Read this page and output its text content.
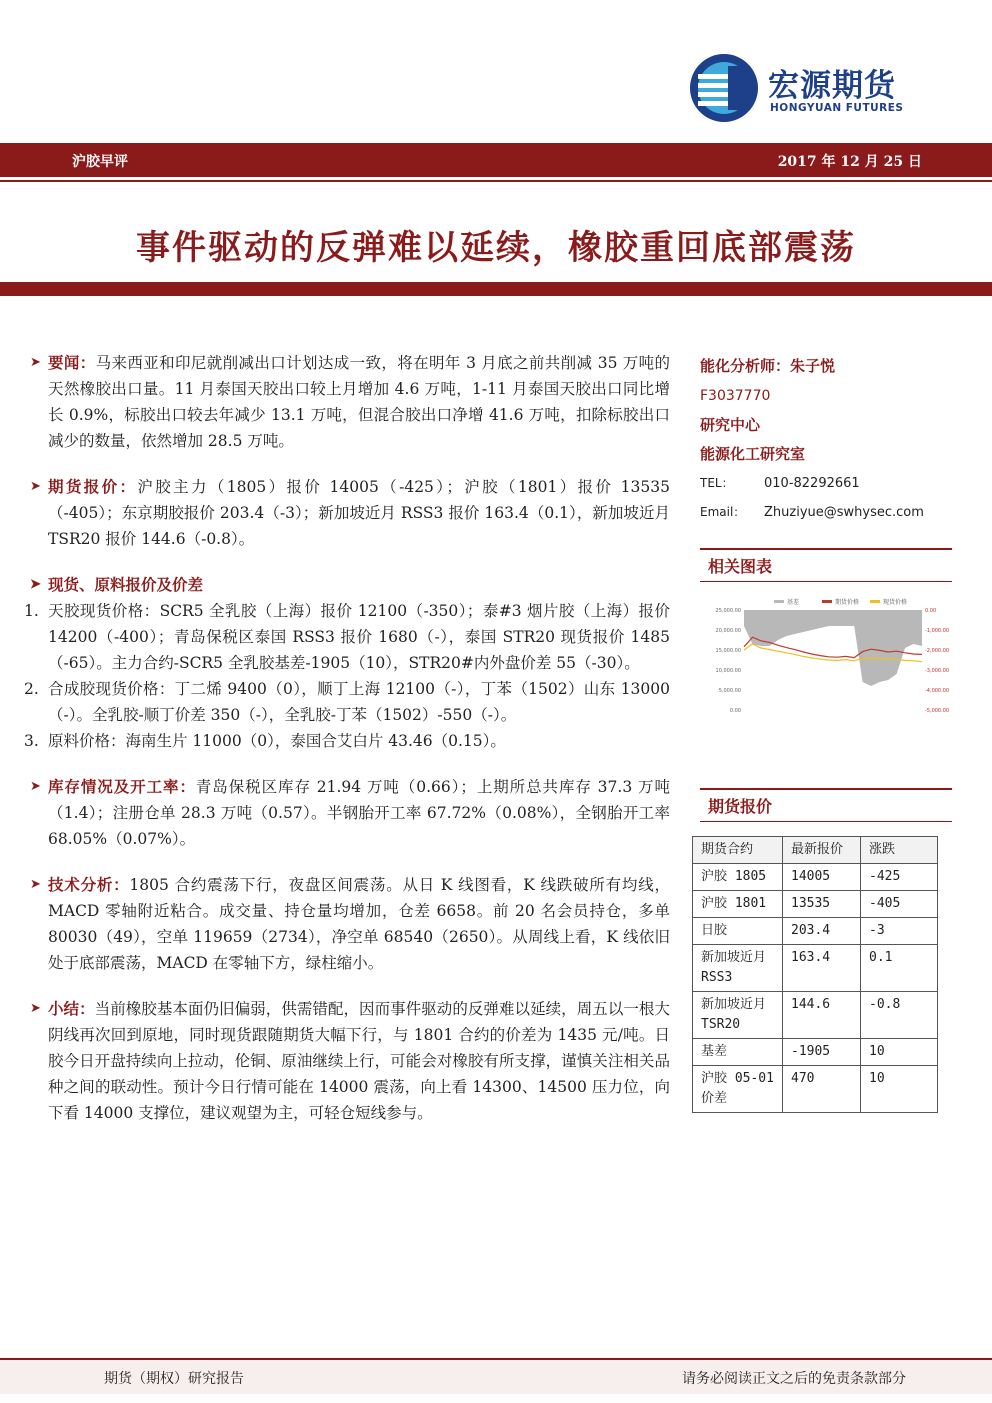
宏源期货
HONGYUAN FUTURES
沪胶早评	2017 年 12 月 25 日
事件驱动的反弹难以延续，橡胶重回底部震荡
➤ 要闻：马来西亚和印尼就削减出口计划达成一致，将在明年 3 月底之前共削减 35 万吨的天然橡胶出口量。11 月泰国天胶出口较上月增加 4.6 万吨，1-11 月泰国天胶出口同比增长 0.9%，标胶出口较去年减少 13.1 万吨，但混合胶出口净增 41.6 万吨，扣除标胶出口减少的数量，依然增加 28.5 万吨。
➤ 期货报价：沪胶主力（1805）报价 14005（-425）；沪胶（1801）报价 13535（-405）；东京期胶报价 203.4（-3）；新加坡近月 RSS3 报价 163.4（0.1），新加坡近月 TSR20 报价 144.6（-0.8）。
➤ 现货、原料报价及价差
1. 天胶现货价格：SCR5 全乳胶（上海）报价 12100（-350）；泰#3 烟片胶（上海）报价 14200（-400）；青岛保税区泰国 RSS3 报价 1680（-），泰国 STR20 现货报价 1485（-65）。主力合约-SCR5 全乳胶基差-1905（10），STR20#内外盘价差 55（-30）。
2. 合成胶现货价格：丁二烯 9400（0），顺丁上海 12100（-），丁苯（1502）山东 13000（-）。全乳胶-顺丁价差 350（-），全乳胶-丁苯（1502）-550（-）。
3. 原料价格：海南生片 11000（0），泰国合艾白片 43.46（0.15）。
➤ 库存情况及开工率：青岛保税区库存 21.94 万吨（0.66）；上期所总共库存 37.3 万吨（1.4）；注册仓单 28.3 万吨（0.57）。半钢胎开工率 67.72%（0.08%），全钢胎开工率 68.05%（0.07%）。
➤ 技术分析：1805 合约震荡下行，夜盘区间震荡。从日 K 线图看，K 线跌破所有均线，MACD 零轴附近粘合。成交量、持仓量均增加，仓差 6658。前 20 名会员持仓，多单 80030（49），空单 119659（2734），净空单 68540（2650）。从周线上看，K 线依旧处于底部震荡，MACD 在零轴下方，绿柱缩小。
➤ 小结：当前橡胶基本面仍旧偏弱，供需错配，因而事件驱动的反弹难以延续，周五以一根大阴线再次回到原地，同时现货跟随期货大幅下行，与 1801 合约的价差为 1435 元/吨。日胶今日开盘持续向上拉动，伦铜、原油继续上行，可能会对橡胶有所支撑，谨慎关注相关品种之间的联动性。预计今日行情可能在 14000 震荡，向上看 14300、14500 压力位，向下看 14000 支撑位，建议观望为主，可轻仓短线参与。
能化分析师：朱子悦
F3037770
研究中心
能源化工研究室
TEL： 010-82292661
Email： Zhuziyue@swhysec.com
相关图表
25,000.00
20,000.00
15,000.00
10,000.00
5,000.00
0.00
0.00
-1,000.00
-2,000.00
-3,000.00
-4,000.00
-5,000.00
基差	期货价格	现货价格
期货报价
期货合约	最新报价	涨跌
沪胶 1805	14005	-425
沪胶 1801	13535	-405
日胶	203.4	-3
新加坡近月 RSS3	163.4	0.1
新加坡近月 TSR20	144.6	-0.8
基差	-1905	10
沪胶 05-01 价差	470	10
期货（期权）研究报告	请务必阅读正文之后的免责条款部分
